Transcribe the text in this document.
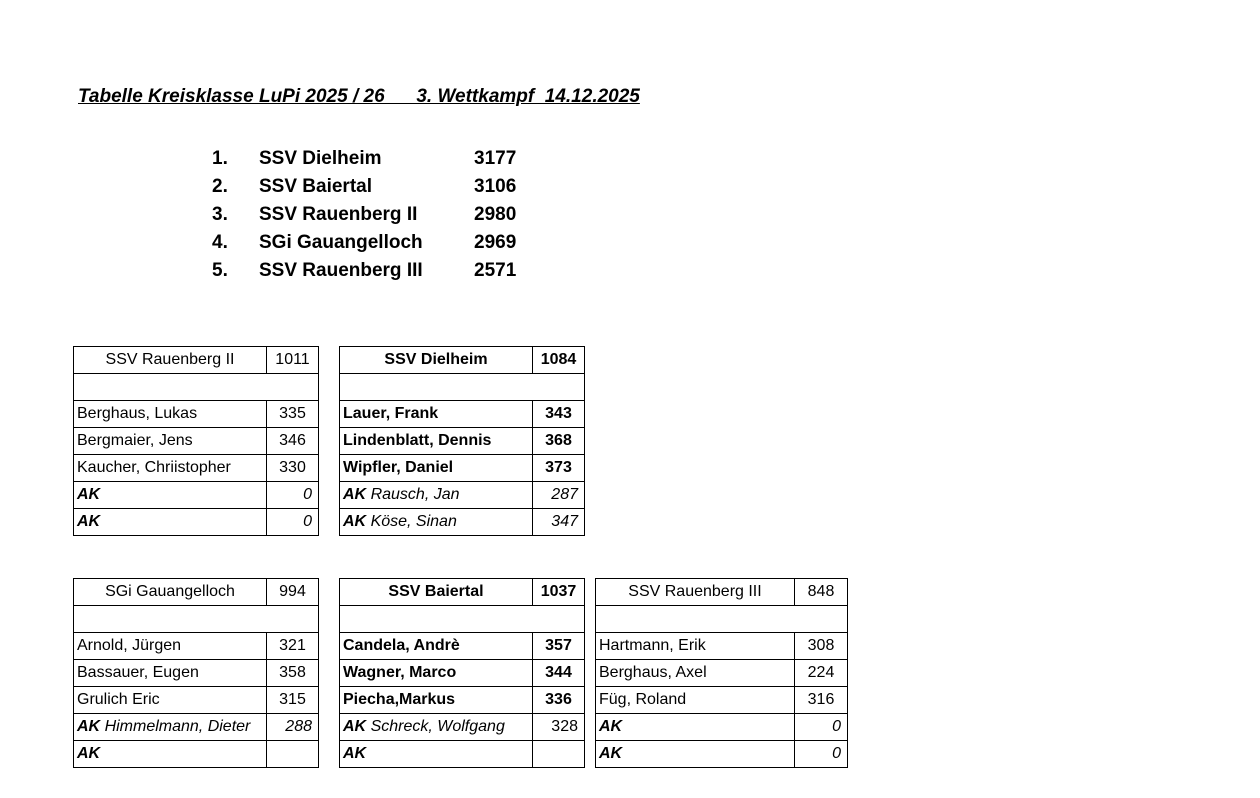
Tabelle Kreisklasse LuPi 2025 / 26      3. Wettkampf  14.12.2025
1. SSV Dielheim	3177
2. SSV Baiertal	3106
3. SSV Rauenberg II	2980
4. SGi Gauangelloch	2969
5. SSV Rauenberg III	2571
SSV Rauenberg II	1011

Berghaus, Lukas	335
Bergmaier, Jens	346
Kaucher, Chriistopher	330
AK	0
AK	0
SSV Dielheim	1084

Lauer, Frank	343
Lindenblatt, Dennis	368
Wipfler, Daniel	373
AK Rausch, Jan	287
AK Köse, Sinan	347
SGi Gauangelloch	994

Arnold, Jürgen	321
Bassauer, Eugen	358
Grulich Eric	315
AK Himmelmann, Dieter	288
AK	
SSV Baiertal	1037

Candela, Andrè	357
Wagner, Marco	344
Piecha,Markus	336
AK Schreck, Wolfgang	328
AK	
SSV Rauenberg III	848

Hartmann, Erik	308
Berghaus, Axel	224
Füg, Roland	316
AK	0
AK	0
